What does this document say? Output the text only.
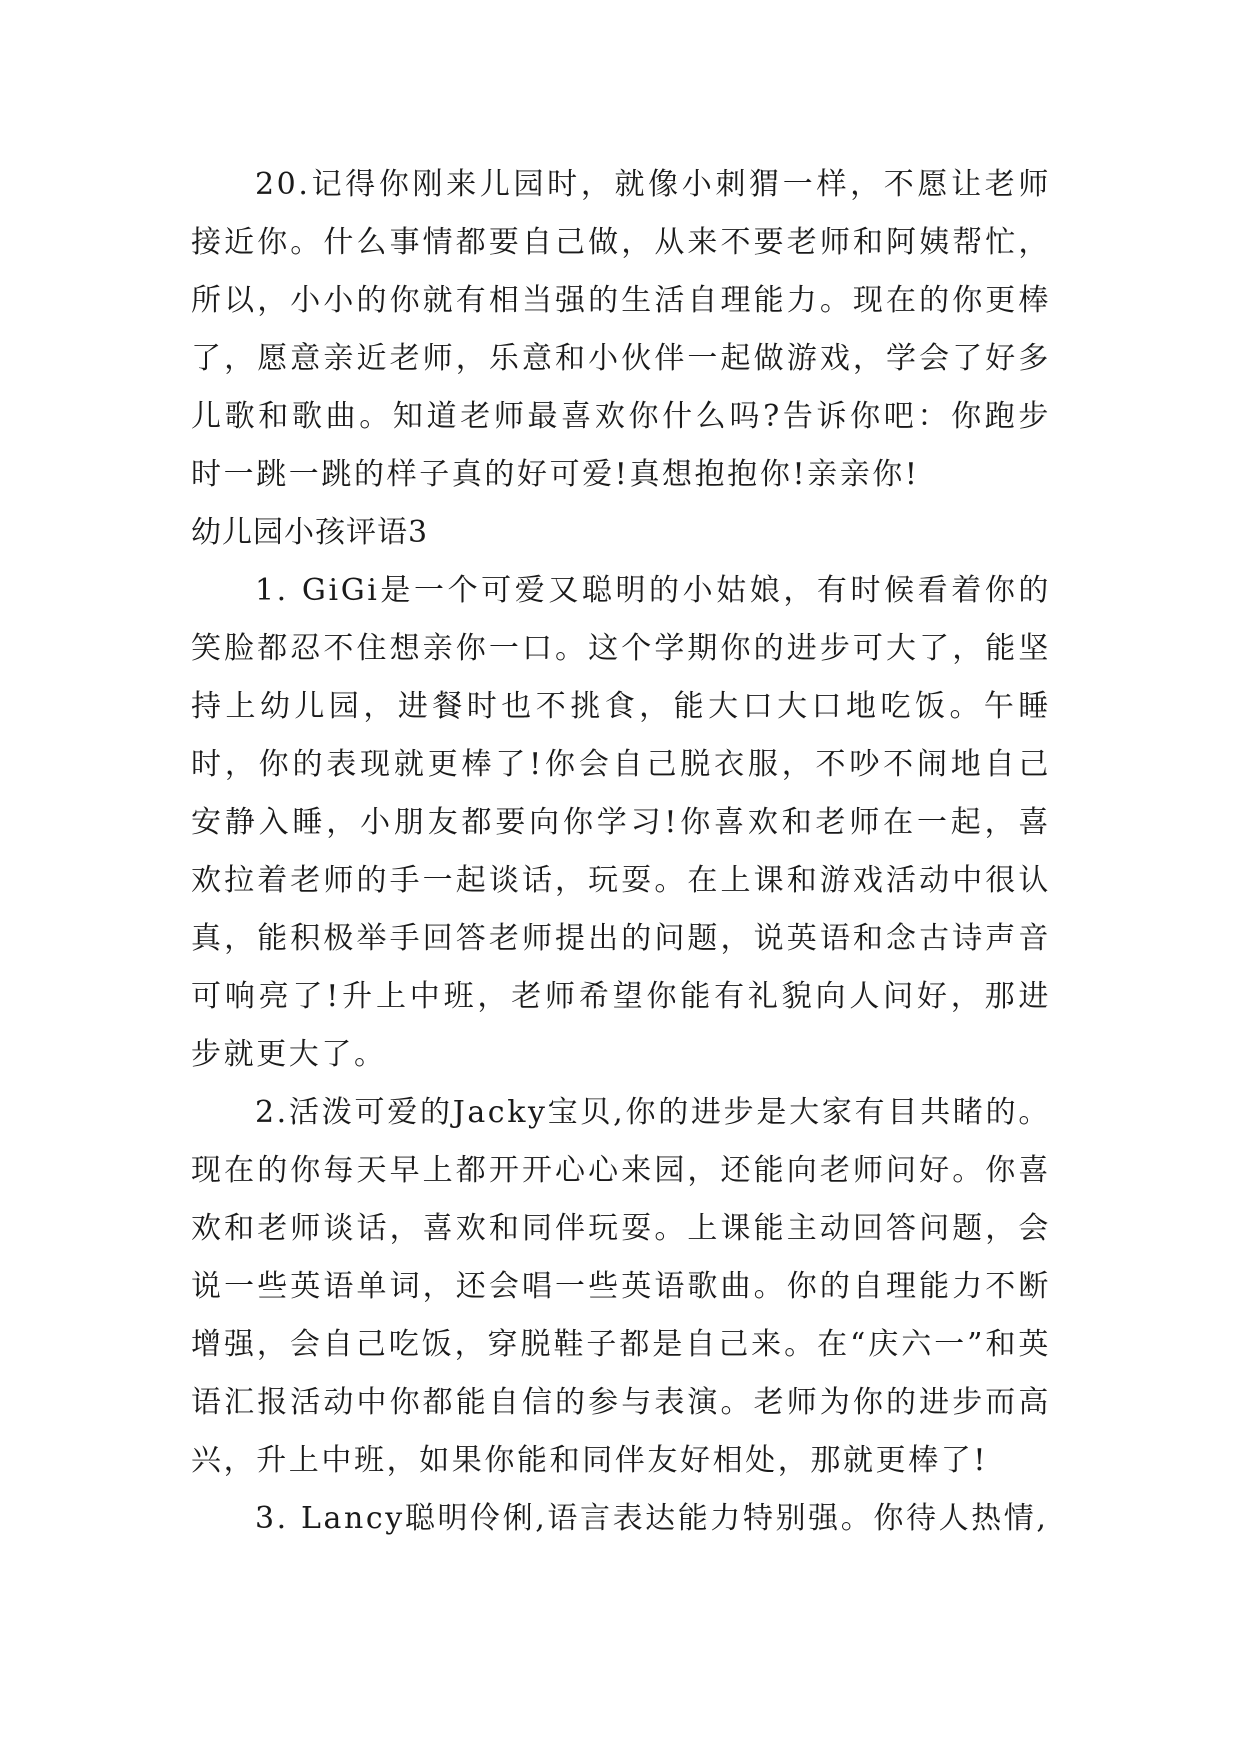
20.记得你刚来儿园时，就像小刺猬一样，不愿让老师接近你。什么事情都要自己做，从来不要老师和阿姨帮忙，所以，小小的你就有相当强的生活自理能力。现在的你更棒了，愿意亲近老师，乐意和小伙伴一起做游戏，学会了好多儿歌和歌曲。知道老师最喜欢你什么吗?告诉你吧：你跑步时一跳一跳的样子真的好可爱!真想抱抱你!亲亲你!

幼儿园小孩评语3

1. GiGi是一个可爱又聪明的小姑娘，有时候看着你的笑脸都忍不住想亲你一口。这个学期你的进步可大了，能坚持上幼儿园，进餐时也不挑食，能大口大口地吃饭。午睡时，你的表现就更棒了!你会自己脱衣服，不吵不闹地自己安静入睡，小朋友都要向你学习!你喜欢和老师在一起，喜欢拉着老师的手一起谈话，玩耍。在上课和游戏活动中很认真，能积极举手回答老师提出的问题，说英语和念古诗声音可响亮了!升上中班，老师希望你能有礼貌向人问好，那进步就更大了。

2.活泼可爱的Jacky宝贝,你的进步是大家有目共睹的。现在的你每天早上都开开心心来园，还能向老师问好。你喜欢和老师谈话，喜欢和同伴玩耍。上课能主动回答问题，会说一些英语单词，还会唱一些英语歌曲。你的自理能力不断增强，会自己吃饭，穿脱鞋子都是自己来。在“庆六一”和英语汇报活动中你都能自信的参与表演。老师为你的进步而高兴，升上中班，如果你能和同伴友好相处，那就更棒了!

3. Lancy聪明伶俐,语言表达能力特别强。你待人热情,
